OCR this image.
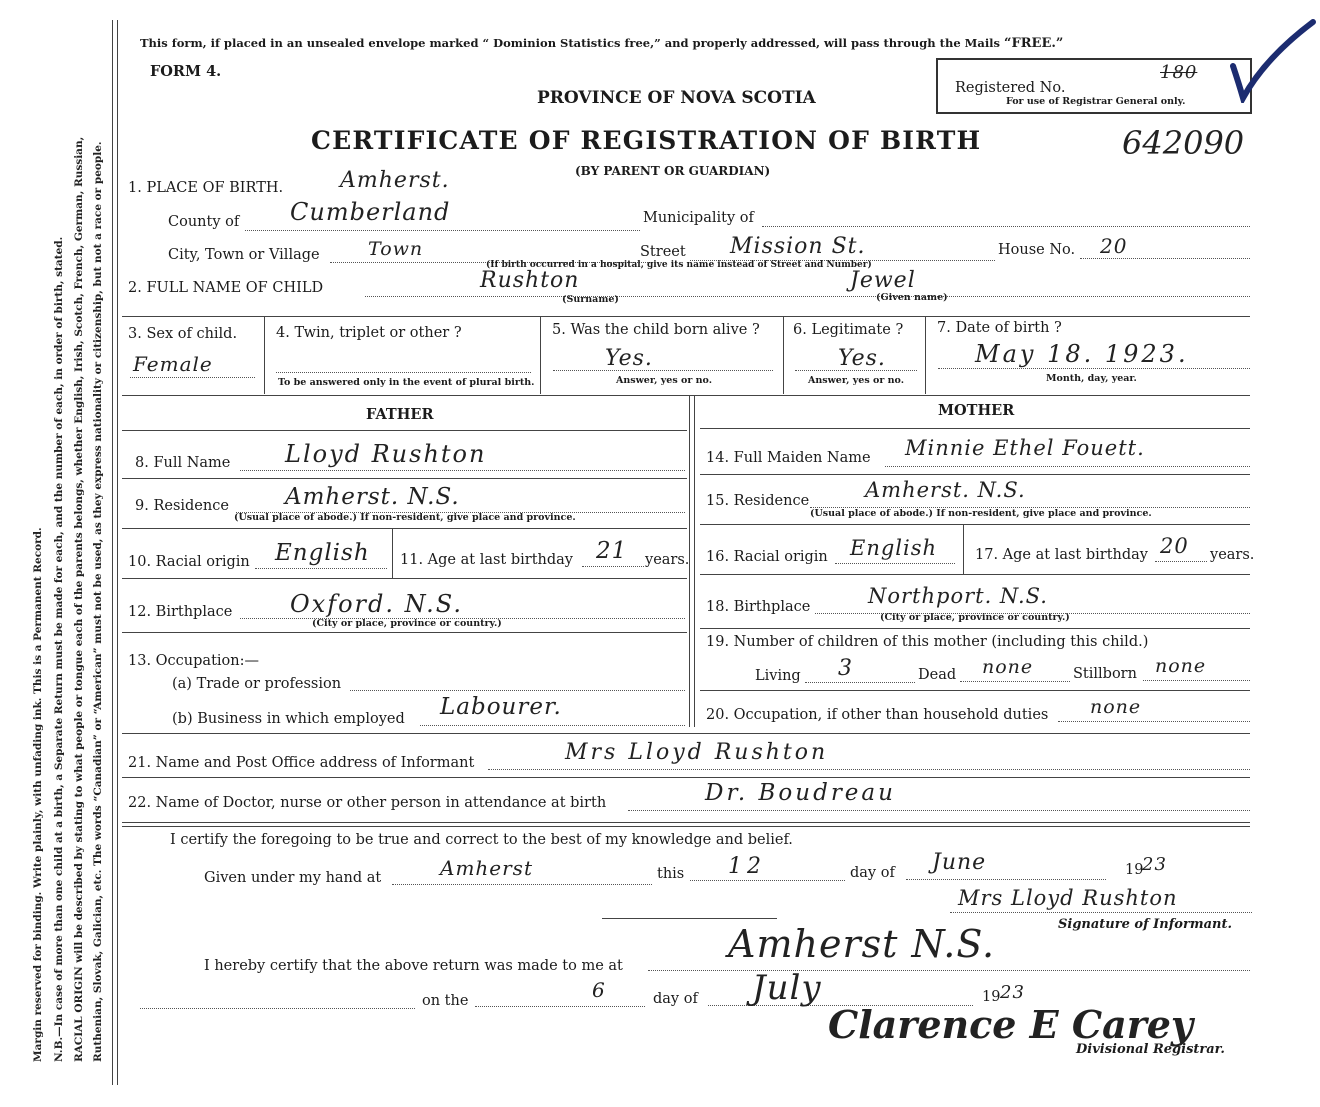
Margin reserved for binding. Write plainly, with unfading ink. This is a Permanent Record. N.B.—In case of more than one child at a birth, a Separate Return must be made for each, and the number of each, in order of birth, stated. RACIAL ORIGIN will be described by stating to what people or tongue each of the parents belongs, whether English, Irish, Scotch, French, German, Russian, Ruthenian, Slovak, Galician, etc. The words “Canadian” or “American” must not be used, as they express nationality or citizenship, but not a race or people.
This form, if placed in an unsealed envelope marked “ Dominion Statistics free,” and properly addressed, will pass through the Mails “FREE.”
FORM 4.
PROVINCE OF NOVA SCOTIA
CERTIFICATE OF REGISTRATION OF BIRTH
(BY PARENT OR GUARDIAN)
Registered No.
For use of Registrar General only.
180
642090
1. PLACE OF BIRTH.	Amherst.
County of Cumberland	Municipality of
City, Town or Village	Town	Street Mission St.	House No. 20
(If birth occurred in a hospital, give its name instead of Street and Number)
2. FULL NAME OF CHILD	Rushton	Jewel
(Surname)	(Given name)
3. Sex of child.
Female
4. Twin, triplet or other ?
To be answered only in the event of plural birth.
5. Was the child born alive ?
Yes.
Answer, yes or no.
6. Legitimate ?
Yes.
Answer, yes or no.
7. Date of birth ?
May 18. 1923.
Month, day, year.
FATHER	MOTHER
8. Full Name Lloyd Rushton
9. Residence Amherst. N.S.
(Usual place of abode.) If non-resident, give place and province.
10. Racial origin English 11. Age at last birthday 21 years.
12. Birthplace Oxford. N.S.
(City or place, province or country.)
13. Occupation:—
(a) Trade or profession
(b) Business in which employed Labourer.
14. Full Maiden Name Minnie Ethel Fouett.
15. Residence	Amherst. N.S.
(Usual place of abode.) If non-resident, give place and province.
16. Racial origin English	17. Age at last birthday 20 years.
18. Birthplace	Northport. N.S.
(City or place, province or country.)
19. Number of children of this mother (including this child.)
Living 3	Dead none	Stillborn none
20. Occupation, if other than household duties none
21. Name and Post Office address of Informant	Mrs Lloyd Rushton
22. Name of Doctor, nurse or other person in attendance at birth	Dr. Boudreau
I certify the foregoing to be true and correct to the best of my knowledge and belief.
Given under my hand at	Amherst	this 12	day of June	19
23
Mrs Lloyd Rushton
Signature of Informant.
I hereby certify that the above return was made to me at	Amherst N.S.
on the	6	day of July	19 23
Clarence E Carey
Divisional Registrar.
